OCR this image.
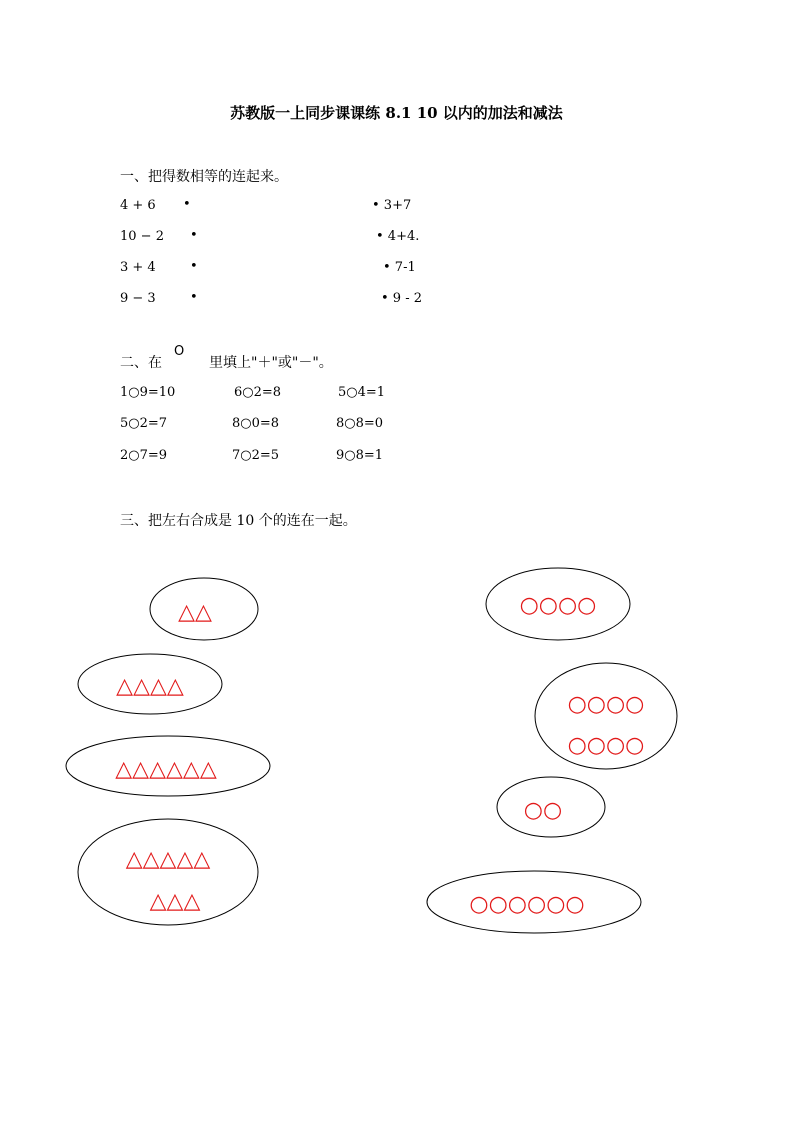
苏教版一上同步课课练 8.1 10 以内的加法和减法
一、把得数相等的连起来。
4 + 6 •	• 3+7
10 − 2 •	• 4+4.
3 + 4	•	• 7-1
9 − 3	•	• 9 - 2
二、在
O
里填上"＋"或"－"。
1○9=10	6○2=8	5○4=1
5○2=7	8○0=8	8○8=0
2○7=9	7○2=5	9○8=1
三、把左右合成是 10 个的连在一起。
△△
△△△△
△△△△△△
△△△△△
△△△
○○○○
○○○○
○○○○
○○
○○○○○○
